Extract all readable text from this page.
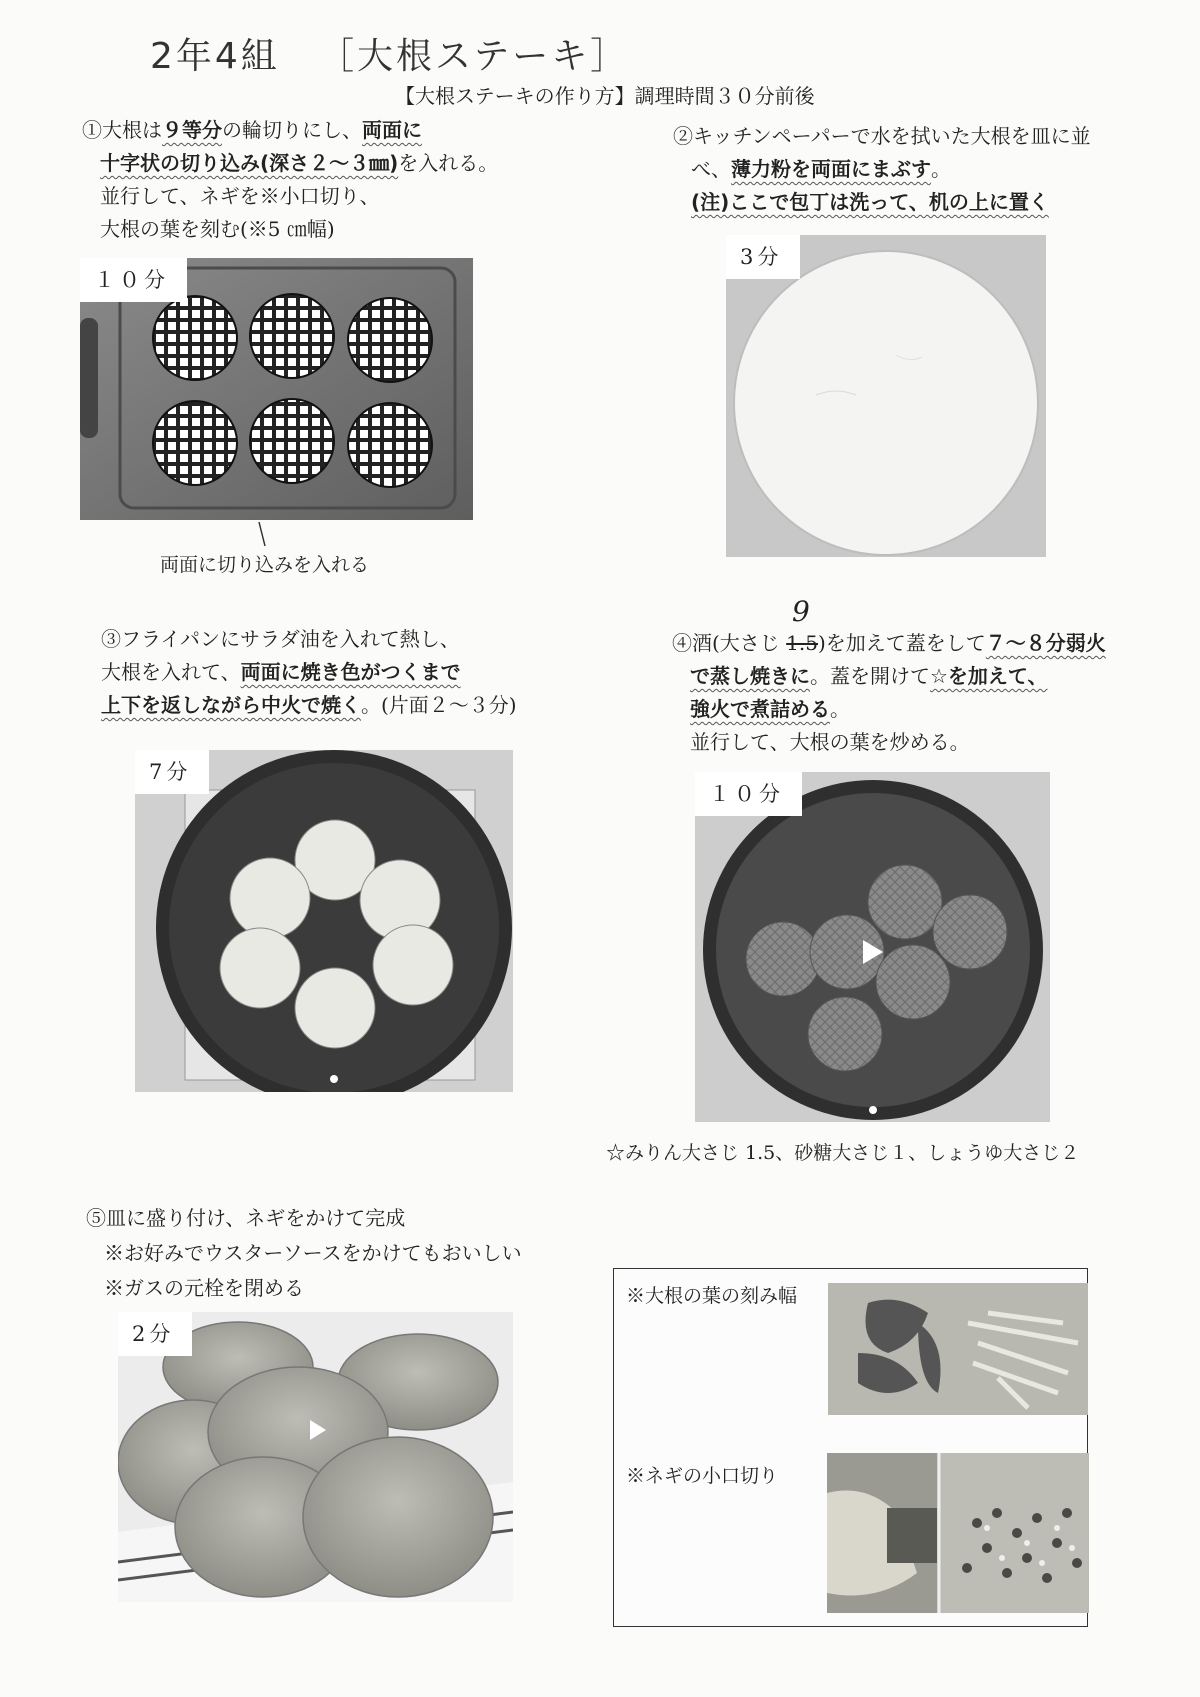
2年4組 ［大根ステーキ］
【大根ステーキの作り方】調理時間３０分前後
①大根は９等分の輪切りにし、両面に
十字状の切り込み(深さ２～３㎜)を入れる。
並行して、ネギを※小口切り、
大根の葉を刻む(※5 ㎝幅)
１０分
両面に切り込みを入れる
②キッチンペーパーで水を拭いた大根を皿に並
べ、薄力粉を両面にまぶす。
(注)ここで包丁は洗って、机の上に置く
3分
③フライパンにサラダ油を入れて熱し、
大根を入れて、両面に焼き色がつくまで
上下を返しながら中火で焼く。(片面２～３分)
7分
④酒(大さじ 1.5
9
)を加えて蓋をして７～８分弱火
で蒸し焼きに。蓋を開けて☆を加えて、
強火で煮詰める。
並行して、大根の葉を炒める。
１０分
☆みりん大さじ 1.5、砂糖大さじ１、しょうゆ大さじ２
⑤皿に盛り付け、ネギをかけて完成
※お好みでウスターソースをかけてもおいしい
※ガスの元栓を閉める
2分
※大根の葉の刻み幅
※ネギの小口切り
